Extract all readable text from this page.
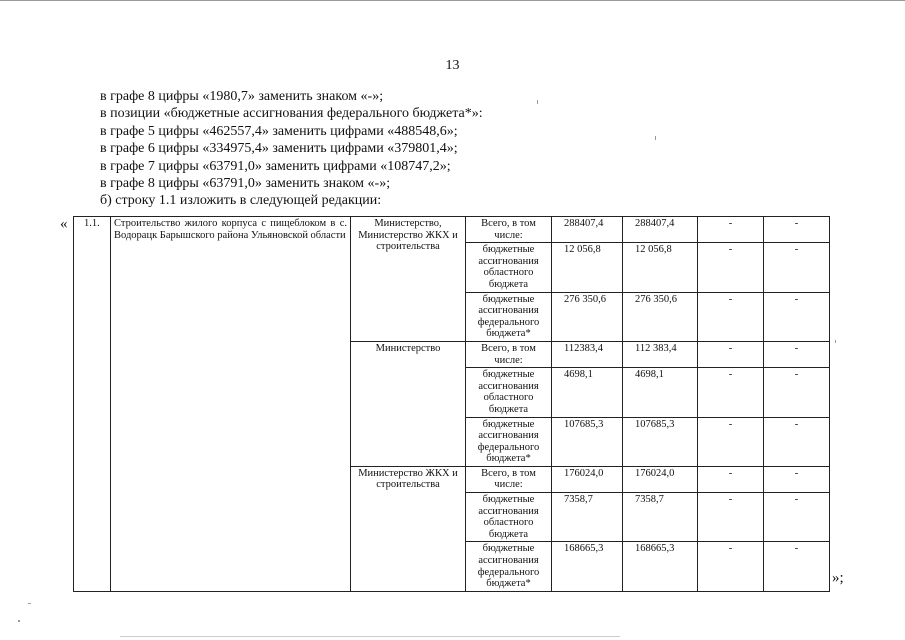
13

в графе 8 цифры «1980,7» заменить знаком «-»;

в позиции «бюджетные ассигнования федерального бюджета*»:

в графе 5 цифры «462557,4» заменить цифрами «488548,6»;

в графе 6 цифры «334975,4» заменить цифрами «379801,4»;

в графе 7 цифры «63791,0» заменить цифрами «108747,2»;

в графе 8 цифры «63791,0» заменить знаком «-»;

б) строку 1.1 изложить в следующей редакции:

« 1.1.	Строительство жилого корпуса с пищеблоком в с. Водорацк Барышского района Ульяновской области	Министерство, Министерство ЖКХ и строительства	Всего, в том числе:	288407,4	288407,4	-	-
			бюджетные ассигнования областного бюджета	12 056,8	12 056,8	-	-
			бюджетные ассигнования федерального бюджета*	276 350,6	276 350,6	-	-
		Министерство	Всего, в том числе:	112383,4	112 383,4	-	-
			бюджетные ассигнования областного бюджета	4698,1	4698,1	-	-
			бюджетные ассигнования федерального бюджета*	107685,3	107685,3	-	-
		Министерство ЖКХ и строительства	Всего, в том числе:	176024,0	176024,0	-	-
			бюджетные ассигнования областного бюджета	7358,7	7358,7	-	-
			бюджетные ассигнования федерального бюджета*	168665,3	168665,3	-	-
»;
